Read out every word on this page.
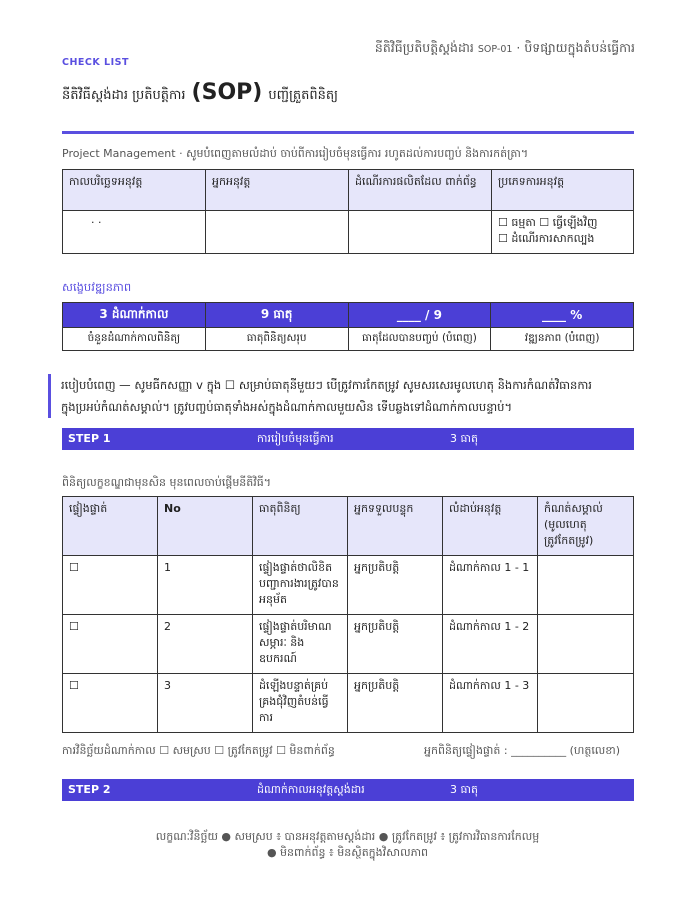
នីតិវិធីប្រតិបត្តិស្តង់ដារ SOP-01 · បិទផ្សាយក្នុងតំបន់ធ្វើការ
CHECK LIST
នីតិវិធីស្តង់ដារ ប្រតិបត្តិការ (SOP) បញ្ជីត្រួតពិនិត្យ
Project Management · សូមបំពេញតាមលំដាប់ ចាប់ពីការរៀបចំមុនធ្វើការ រហូតដល់ការបញ្ចប់ និងការកត់ត្រា។
កាលបរិច្ឆេទអនុវត្ត	អ្នកអនុវត្ត	ដំណើរការផលិតដែល ពាក់ព័ន្ធ	ប្រភេទការអនុវត្ត
· ·			☐ ធម្មតា ☐ ធ្វើឡើងវិញ
☐ ដំណើរការសាកល្បង
សង្ខេបវឌ្ឍនភាព
3 ដំណាក់កាល	9 ធាតុ	____ / 9	____ %
ចំនួនដំណាក់កាលពិនិត្យ	ធាតុពិនិត្យសរុប	ធាតុដែលបានបញ្ចប់ (បំពេញ)	វឌ្ឍនភាព (បំពេញ)
របៀបបំពេញ — សូមធីកសញ្ញា v ក្នុង ☐ សម្រាប់ធាតុនីមួយៗ បើត្រូវការកែតម្រូវ សូមសរសេរមូលហេតុ និងការកំណត់វិធានការ
ក្នុងប្រអប់កំណត់សម្គាល់។ ត្រូវបញ្ចប់ធាតុទាំងអស់ក្នុងដំណាក់កាលមួយសិន ទើបឆ្លងទៅដំណាក់កាលបន្ទាប់។
STEP 1	ការរៀបចំមុនធ្វើការ	3 ធាតុ
ពិនិត្យលក្ខខណ្ឌជាមុនសិន មុនពេលចាប់ផ្តើមនីតិវិធី។
ផ្ទៀងផ្ទាត់	No	ធាតុពិនិត្យ	អ្នកទទួលបន្ទុក	លំដាប់អនុវត្ត	កំណត់សម្គាល់ (មូលហេតុត្រូវកែតម្រូវ)
☐	1	ផ្ទៀងផ្ទាត់ថាលិខិតបញ្ជាការងារត្រូវបានអនុម័ត	អ្នកប្រតិបត្តិ	ដំណាក់កាល 1 - 1	
☐	2	ផ្ទៀងផ្ទាត់បរិមាណសម្ភារៈ និងឧបករណ៍	អ្នកប្រតិបត្តិ	ដំណាក់កាល 1 - 2	
☐	3	ដំឡើងបន្ទាត់គ្រប់គ្រងជុំវិញតំបន់ធ្វើការ	អ្នកប្រតិបត្តិ	ដំណាក់កាល 1 - 3	
ការវិនិច្ឆ័យដំណាក់កាល ☐ សមស្រប ☐ ត្រូវកែតម្រូវ ☐ មិនពាក់ព័ន្ធ	អ្នកពិនិត្យផ្ទៀងផ្ទាត់ : __________ (ហត្ថលេខា)
STEP 2	ដំណាក់កាលអនុវត្តស្តង់ដារ	3 ធាតុ
លក្ខណៈវិនិច្ឆ័យ ● សមស្រប ៖ បានអនុវត្តតាមស្តង់ដារ ● ត្រូវកែតម្រូវ ៖ ត្រូវការវិធានការកែលម្អ
● មិនពាក់ព័ន្ធ ៖ មិនស្ថិតក្នុងវិសាលភាព
